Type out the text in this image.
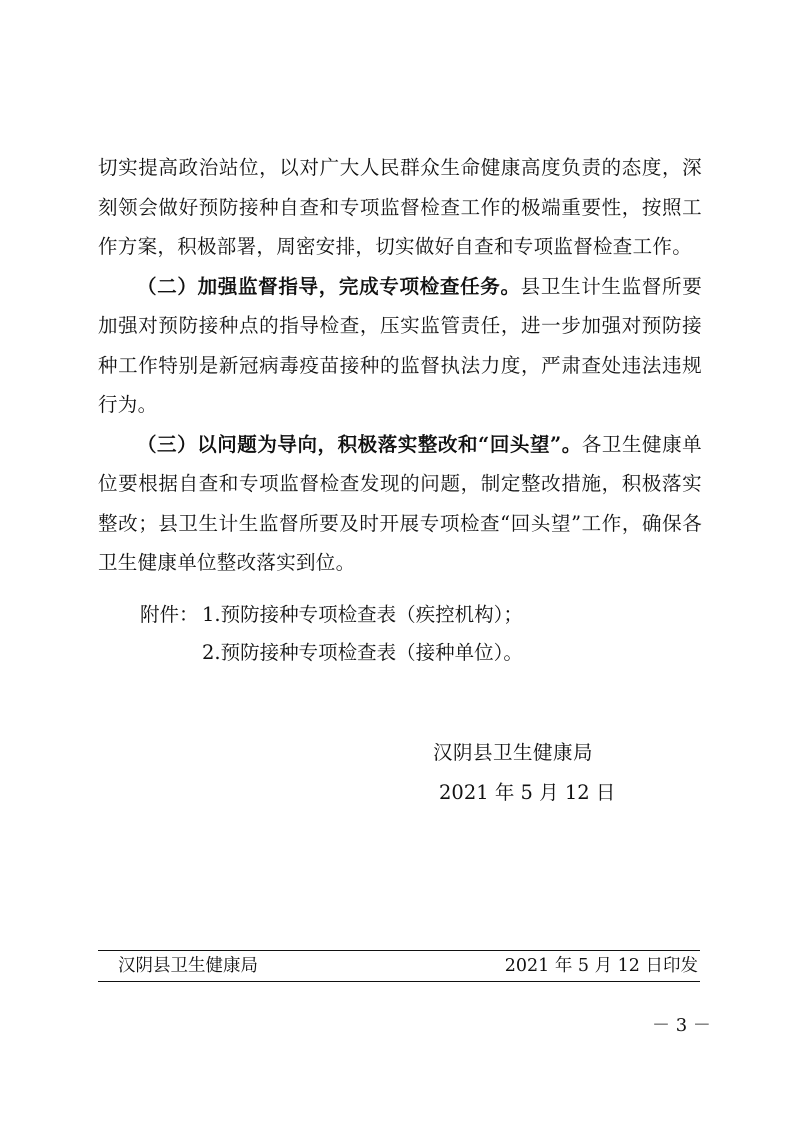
切实提高政治站位，以对广大人民群众生命健康高度负责的态度，深刻领会做好预防接种自查和专项监督检查工作的极端重要性，按照工作方案，积极部署，周密安排，切实做好自查和专项监督检查工作。

（二）加强监督指导，完成专项检查任务。县卫生计生监督所要加强对预防接种点的指导检查，压实监管责任，进一步加强对预防接种工作特别是新冠病毒疫苗接种的监督执法力度，严肃查处违法违规行为。

（三）以问题为导向，积极落实整改和“回头望”。各卫生健康单位要根据自查和专项监督检查发现的问题，制定整改措施，积极落实整改；县卫生计生监督所要及时开展专项检查“回头望”工作，确保各卫生健康单位整改落实到位。

附件： 1.预防接种专项检查表（疾控机构）；
2.预防接种专项检查表（接种单位）。
汉阴县卫生健康局
2021 年 5 月 12 日
汉阴县卫生健康局	2021 年 5 月 12 日印发
－ 3 －
